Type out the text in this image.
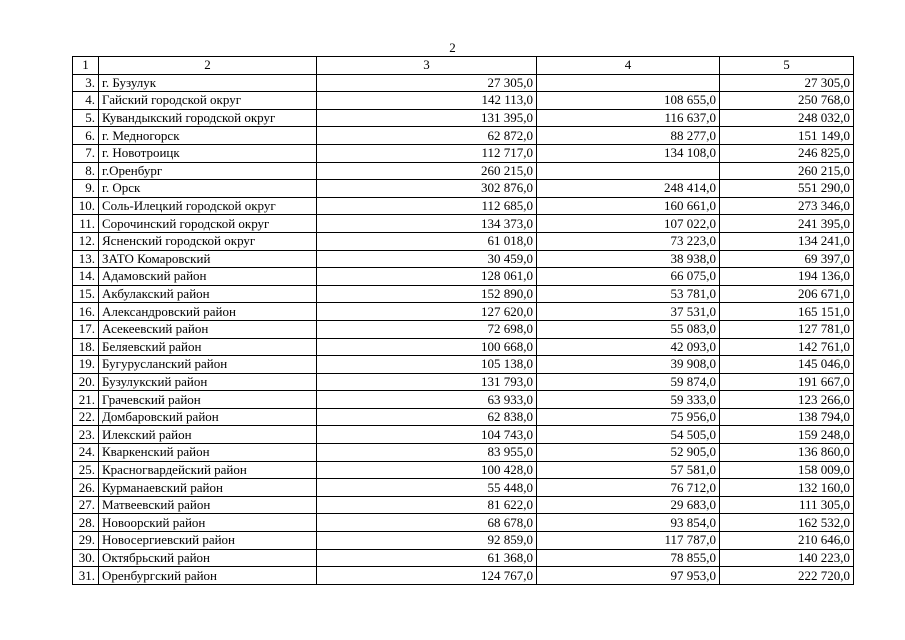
2
1	2	3	4	5
3.	г. Бузулук	27 305,0		27 305,0
4.	Гайский городской округ	142 113,0	108 655,0	250 768,0
5.	Кувандыкский городской округ	131 395,0	116 637,0	248 032,0
6.	г. Медногорск	62 872,0	88 277,0	151 149,0
7.	г. Новотроицк	112 717,0	134 108,0	246 825,0
8.	г.Оренбург	260 215,0		260 215,0
9.	г. Орск	302 876,0	248 414,0	551 290,0
10.	Соль-Илецкий городской округ	112 685,0	160 661,0	273 346,0
11.	Сорочинский городской округ	134 373,0	107 022,0	241 395,0
12.	Ясненский городской округ	61 018,0	73 223,0	134 241,0
13.	ЗАТО Комаровский	30 459,0	38 938,0	69 397,0
14.	Адамовский район	128 061,0	66 075,0	194 136,0
15.	Акбулакский район	152 890,0	53 781,0	206 671,0
16.	Александровский район	127 620,0	37 531,0	165 151,0
17.	Асекеевский район	72 698,0	55 083,0	127 781,0
18.	Беляевский район	100 668,0	42 093,0	142 761,0
19.	Бугурусланский район	105 138,0	39 908,0	145 046,0
20.	Бузулукский район	131 793,0	59 874,0	191 667,0
21.	Грачевский район	63 933,0	59 333,0	123 266,0
22.	Домбаровский район	62 838,0	75 956,0	138 794,0
23.	Илекский район	104 743,0	54 505,0	159 248,0
24.	Кваркенский район	83 955,0	52 905,0	136 860,0
25.	Красногвардейский район	100 428,0	57 581,0	158 009,0
26.	Курманаевский район	55 448,0	76 712,0	132 160,0
27.	Матвеевский район	81 622,0	29 683,0	111 305,0
28.	Новоорский район	68 678,0	93 854,0	162 532,0
29.	Новосергиевский район	92 859,0	117 787,0	210 646,0
30.	Октябрьский район	61 368,0	78 855,0	140 223,0
31.	Оренбургский район	124 767,0	97 953,0	222 720,0
